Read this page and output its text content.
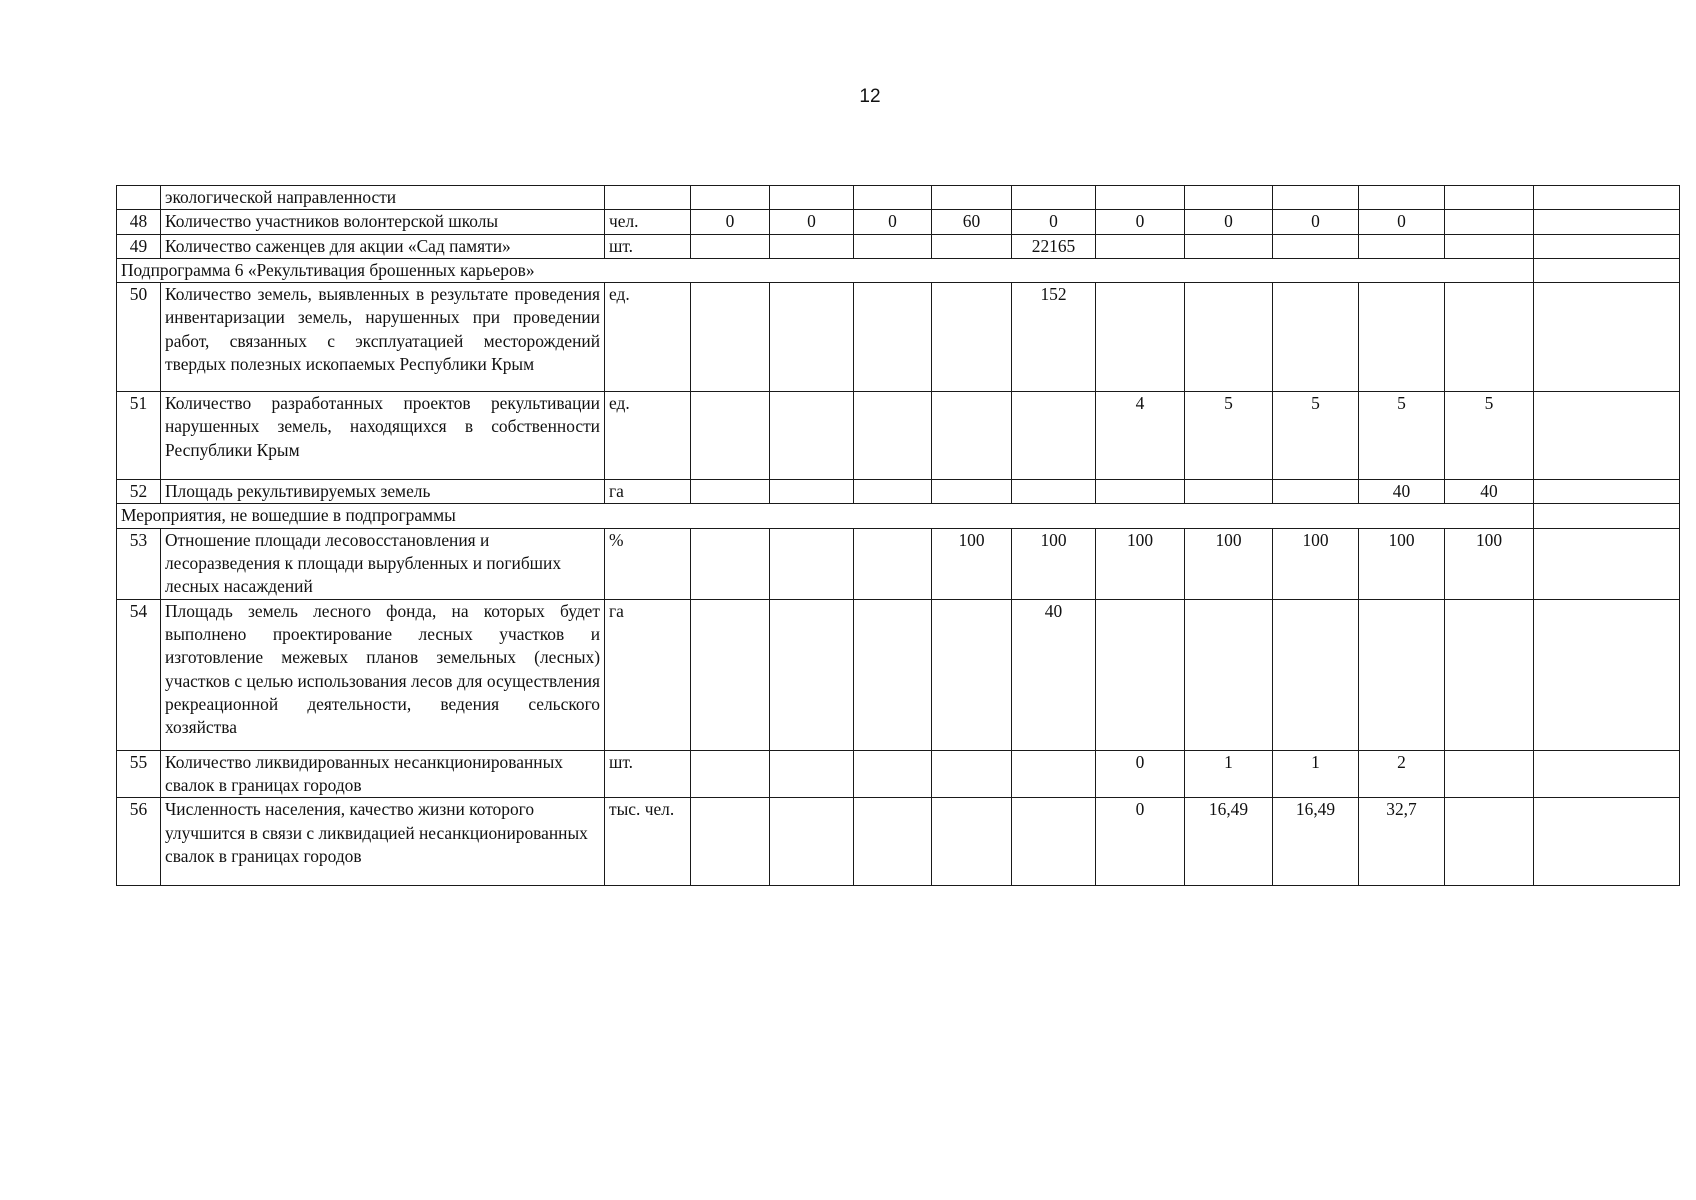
12
	экологической направленности													
48	Количество участников волонтерской школы	чел.	0	0	0	60	0	0	0	0	0			
49	Количество саженцев для акции «Сад памяти»	шт.					22165							
Подпрограмма 6 «Рекультивация брошенных карьеров»														
50	Количество земель, выявленных в результате проведения инвентаризации земель, нарушенных при проведении работ, связанных с эксплуатацией месторождений твердых полезных ископаемых Республики Крым	ед.					152							
51	Количество разработанных проектов рекультивации нарушенных земель, находящихся в собственности Республики Крым	ед.						4	5	5	5	5		
52	Площадь рекультивируемых земель	га									40	40		
Мероприятия, не вошедшие в подпрограммы														
53	Отношение площади лесовосстановления и лесоразведения к площади вырубленных и погибших лесных насаждений	%				100	100	100	100	100	100	100		
54	Площадь земель лесного фонда, на которых будет выполнено проектирование лесных участков и изготовление межевых планов земельных (лесных) участков с целью использования лесов для осуществления рекреационной деятельности, ведения сельского хозяйства	га					40							
55	Количество ликвидированных несанкционированных свалок в границах городов	шт.						0	1	1	2			
56	Численность населения, качество жизни которого улучшится в связи с ликвидацией несанкционированных свалок в границах городов	тыс. чел.						0	16,49	16,49	32,7			
